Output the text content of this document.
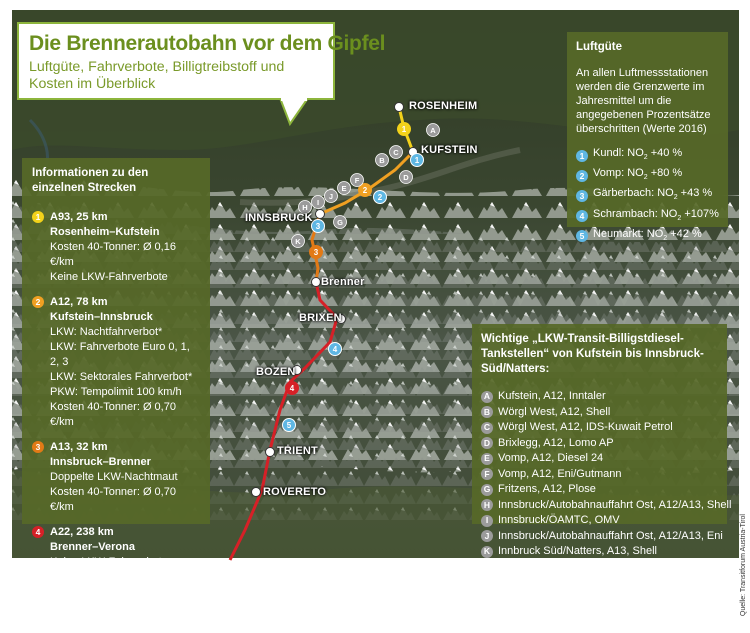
1
2
3
4
1
2
3
4
5
A
B
C
D
E
F
G
H
I
J
K
ROSENHEIM
KUFSTEIN
INNSBRUCK
Brenner
BRIXEN
BOZEN
TRIENT
ROVERETO
Die Brennerautobahn vor dem Gipfel

Luftgüte, Fahrverbote, Billigtreibstoff und Kosten im Überblick

Luftgüte
An allen Luftmessstationen werden die Grenzwerte im Jahresmittel um die angegebenen Prozentsätze überschritten (Werte 2016)
1 Kundl: $NO_2 +40$ %
2 Vomp: $NO_2 +80$ %
3 Gärberbach: $NO_2 +43$ %
4 Schrambach: $NO_2 +107\%$
5 Neumarkt: $NO_2 +42$ %
Informationen zu den einzelnen Strecken
1 A93, 25 km
Rosenheim–Kufstein
Kosten 40-Tonner: Ø 0,16 €/km
Keine LKW-Fahrverbote
2 A12, 78 km
Kufstein–Innsbruck
LKW: Nachtfahrverbot*
LKW: Fahrverbote Euro 0, 1, 2, 3
LKW: Sektorales Fahrverbot*
PKW: Tempolimit 100 km/h
Kosten 40-Tonner: Ø 0,70 €/km
3 A13, 32 km
Innsbruck–Brenner
Doppelte LKW-Nachtmaut
Kosten 40-Tonner: Ø 0,70 €/km
4 A22, 238 km
Brenner–Verona
Keine LKW-Fahrverbote
Kosten 40-Tonner: Ø 0,16 €/km
*Wirkungslos durch EURO-6-Ausnahmen.
Wichtige „LKW-Transit-Billigstdiesel-Tankstellen“ von Kufstein bis Innsbruck-Süd/Natters:
A Kufstein, A12, Inntaler
B Wörgl West, A12, Shell
C Wörgl West, A12, IDS-Kuwait Petrol
D Brixlegg, A12, Lomo AP
E Vomp, A12, Diesel 24
F Vomp, A12, Eni/Gutmann
G Fritzens, A12, Plose
H Innsbruck/Autobahnauffahrt Ost, A12/A13, Shell
I Innsbruck/ÖAMTC, OMV
J Innsbruck/Autobahnauffahrt Ost, A12/A13, Eni
K Innbruck Süd/Natters, A13, Shell	Quelle: Transitforum Austria-Tirol
